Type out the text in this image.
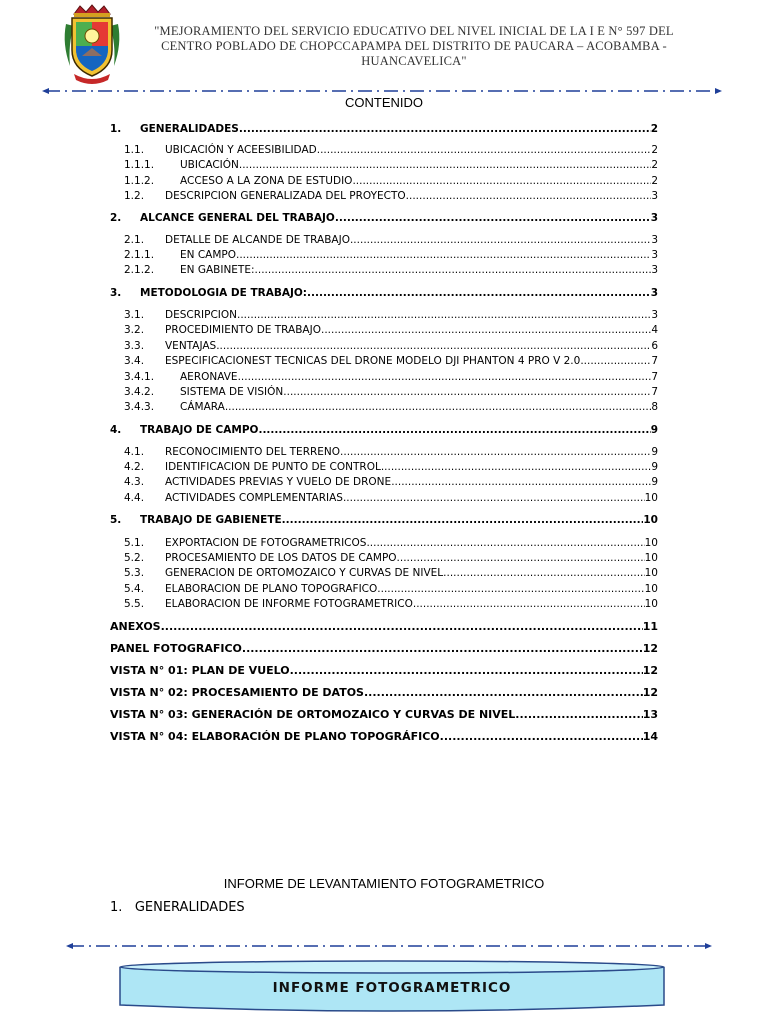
"MEJORAMIENTO DEL SERVICIO EDUCATIVO DEL NIVEL INICIAL DE LA I E N° 597 DEL
CENTRO POBLADO DE CHOPCCAPAMPA DEL DISTRITO DE PAUCARA – ACOBAMBA -
HUANCAVELICA"
CONTENIDO
1.	GENERALIDADES .....	2
1.1.	UBICACIÓN Y ACEESIBILIDAD .....	2
1.1.1.	UBICACIÓN .....	2
1.1.2.	ACCESO A LA ZONA DE ESTUDIO .....	2
1.2.	DESCRIPCION GENERALIZADA DEL PROYECTO .....	3
2.	ALCANCE GENERAL DEL TRABAJO .....	3
2.1.	DETALLE DE ALCANDE DE TRABAJO .....	3
2.1.1.	EN CAMPO .....	3
2.1.2.	EN GABINETE: .....	3
3.	METODOLOGIA DE TRABAJO: .....	3
3.1.	DESCRIPCION .....	3
3.2.	PROCEDIMIENTO DE TRABAJO .....	4
3.3.	VENTAJAS .....	6
3.4.	ESPECIFICACIONEST TECNICAS DEL DRONE MODELO DJI PHANTON 4 PRO V 2.0 .....	7
3.4.1.	AERONAVE .....	7
3.4.2.	SISTEMA DE VISIÓN .....	7
3.4.3.	CÁMARA .....	8
4.	TRABAJO DE CAMPO .....	9
4.1.	RECONOCIMIENTO DEL TERRENO .....	9
4.2.	IDENTIFICACION DE PUNTO DE CONTROL .....	9
4.3.	ACTIVIDADES PREVIAS Y VUELO DE DRONE .....	9
4.4.	ACTIVIDADES COMPLEMENTARIAS .....	10
5.	TRABAJO DE GABIENETE .....	10
5.1.	EXPORTACION DE FOTOGRAMETRICOS .....	10
5.2.	PROCESAMIENTO DE LOS DATOS DE CAMPO .....	10
5.3.	GENERACION DE ORTOMOZAICO Y CURVAS DE NIVEL .....	10
5.4.	ELABORACION DE PLANO TOPOGRAFICO .....	10
5.5.	ELABORACION DE INFORME FOTOGRAMETRICO .....	10
ANEXOS .....	11
PANEL FOTOGRAFICO .....	12
VISTA N° 01: PLAN DE VUELO .....	12
VISTA N° 02: PROCESAMIENTO DE DATOS .....	12
VISTA N° 03: GENERACIÓN DE ORTOMOZAICO Y CURVAS DE NIVEL .....	13
VISTA N° 04: ELABORACIÓN DE PLANO TOPOGRÁFICO .....	14
INFORME DE LEVANTAMIENTO FOTOGRAMETRICO
1. GENERALIDADES
INFORME FOTOGRAMETRICO
